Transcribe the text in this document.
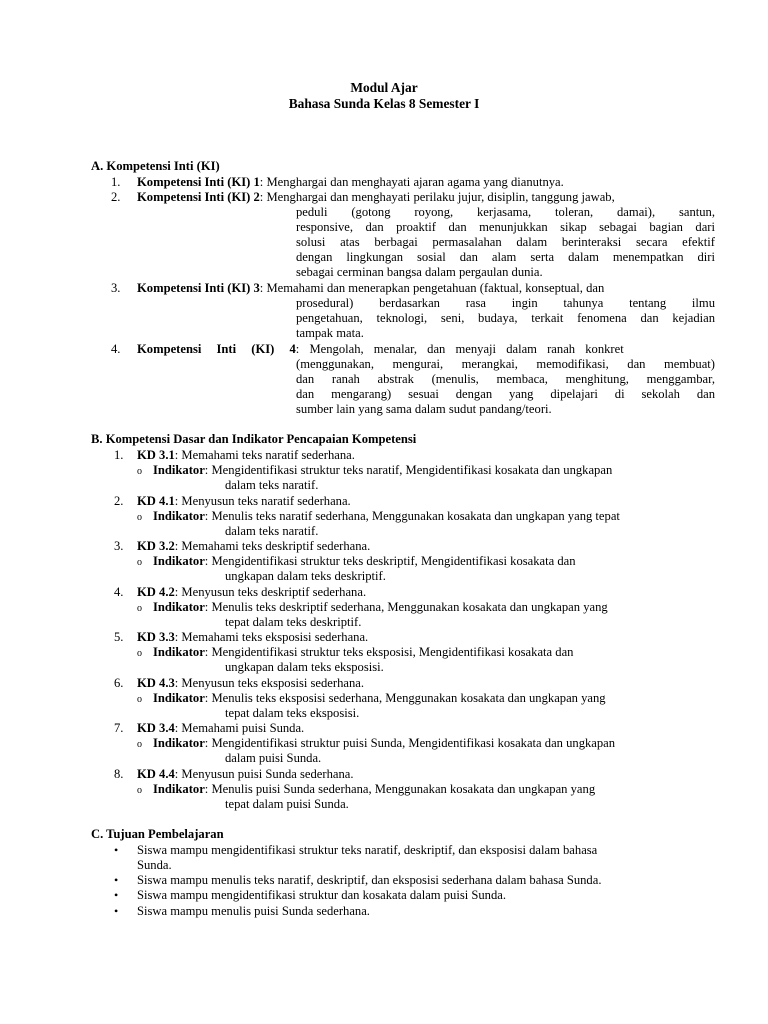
Modul Ajar
Bahasa Sunda Kelas 8 Semester I
A. Kompetensi Inti (KI)
1. Kompetensi Inti (KI) 1: Menghargai dan menghayati ajaran agama yang dianutnya.
2. Kompetensi Inti (KI) 2: Menghargai dan menghayati perilaku jujur, disiplin, tanggung jawab,
peduli (gotong royong, kerjasama, toleran, damai), santun,
responsive, dan proaktif dan menunjukkan sikap sebagai bagian dari
solusi atas berbagai permasalahan dalam berinteraksi secara efektif
dengan lingkungan sosial dan alam serta dalam menempatkan diri
sebagai cerminan bangsa dalam pergaulan dunia.
3. Kompetensi Inti (KI) 3: Memahami dan menerapkan pengetahuan (faktual, konseptual, dan
prosedural) berdasarkan rasa ingin tahunya tentang ilmu
pengetahuan, teknologi, seni, budaya, terkait fenomena dan kejadian
tampak mata.
4. Kompetensi Inti (KI) 4: Mengolah, menalar, dan menyaji dalam ranah konkret
(menggunakan, mengurai, merangkai, memodifikasi, dan membuat)
dan ranah abstrak (menulis, membaca, menghitung, menggambar,
dan mengarang) sesuai dengan yang dipelajari di sekolah dan
sumber lain yang sama dalam sudut pandang/teori.
B. Kompetensi Dasar dan Indikator Pencapaian Kompetensi
1. KD 3.1: Memahami teks naratif sederhana.
o Indikator: Mengidentifikasi struktur teks naratif, Mengidentifikasi kosakata dan ungkapan
dalam teks naratif.
2. KD 4.1: Menyusun teks naratif sederhana.
o Indikator: Menulis teks naratif sederhana, Menggunakan kosakata dan ungkapan yang tepat
dalam teks naratif.
3. KD 3.2: Memahami teks deskriptif sederhana.
o Indikator: Mengidentifikasi struktur teks deskriptif, Mengidentifikasi kosakata dan
ungkapan dalam teks deskriptif.
4. KD 4.2: Menyusun teks deskriptif sederhana.
o Indikator: Menulis teks deskriptif sederhana, Menggunakan kosakata dan ungkapan yang
tepat dalam teks deskriptif.
5. KD 3.3: Memahami teks eksposisi sederhana.
o Indikator: Mengidentifikasi struktur teks eksposisi, Mengidentifikasi kosakata dan
ungkapan dalam teks eksposisi.
6. KD 4.3: Menyusun teks eksposisi sederhana.
o Indikator: Menulis teks eksposisi sederhana, Menggunakan kosakata dan ungkapan yang
tepat dalam teks eksposisi.
7. KD 3.4: Memahami puisi Sunda.
o Indikator: Mengidentifikasi struktur puisi Sunda, Mengidentifikasi kosakata dan ungkapan
dalam puisi Sunda.
8. KD 4.4: Menyusun puisi Sunda sederhana.
o Indikator: Menulis puisi Sunda sederhana, Menggunakan kosakata dan ungkapan yang
tepat dalam puisi Sunda.
C. Tujuan Pembelajaran
• Siswa mampu mengidentifikasi struktur teks naratif, deskriptif, dan eksposisi dalam bahasa
Sunda.
• Siswa mampu menulis teks naratif, deskriptif, dan eksposisi sederhana dalam bahasa Sunda.
• Siswa mampu mengidentifikasi struktur dan kosakata dalam puisi Sunda.
• Siswa mampu menulis puisi Sunda sederhana.
